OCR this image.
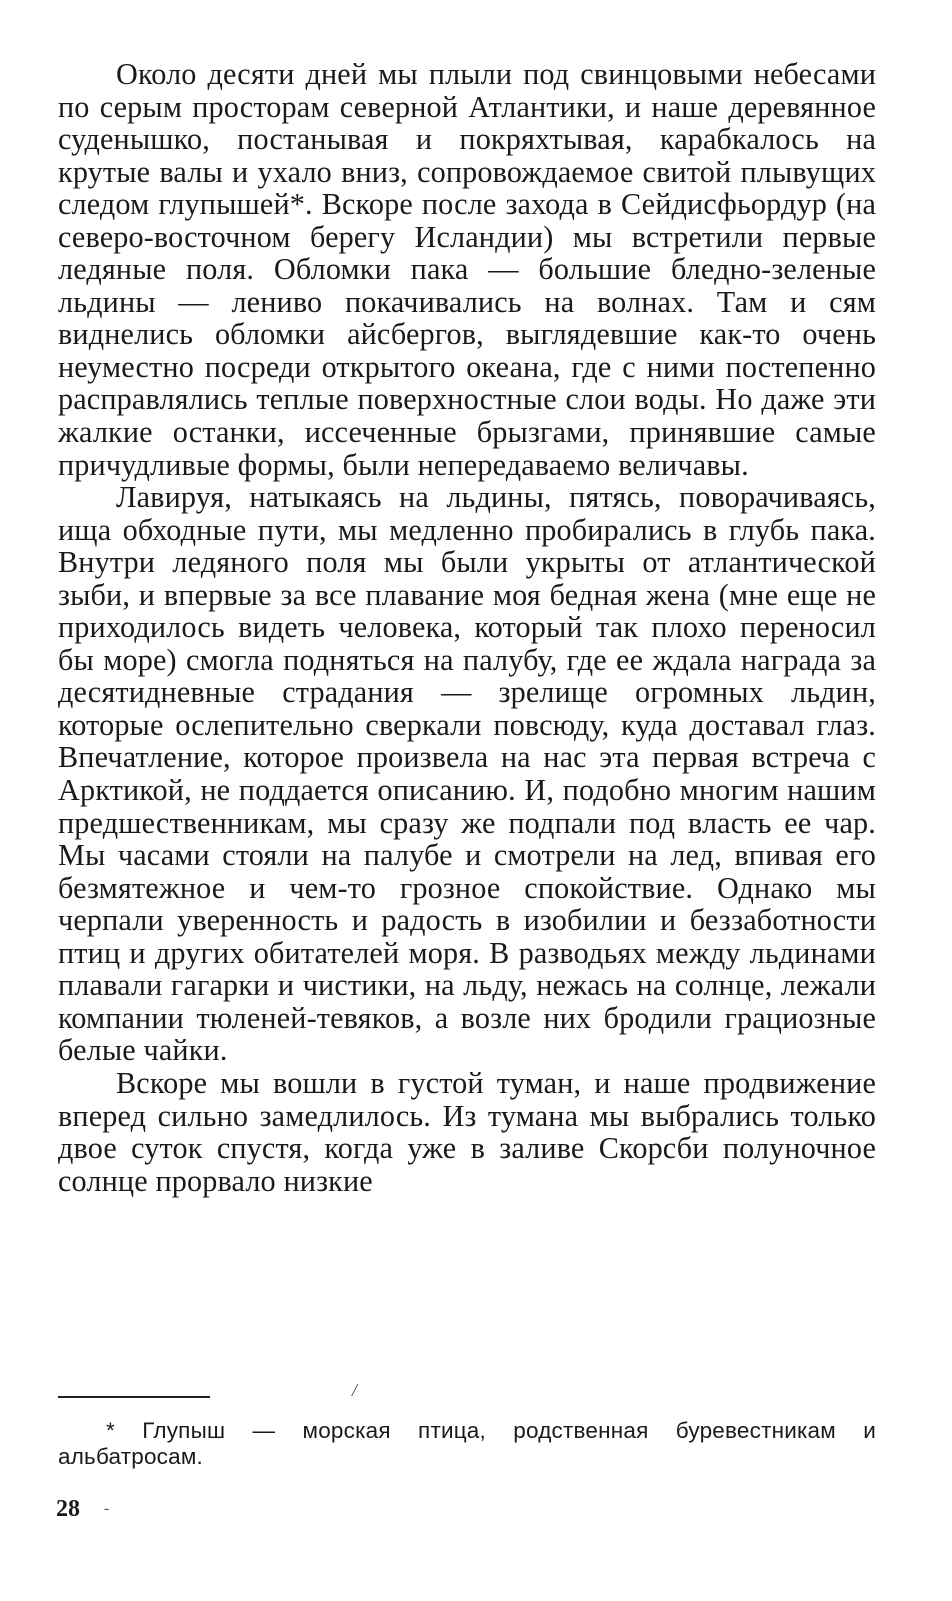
Около десяти дней мы плыли под свинцовыми небесами по серым просторам северной Атлантики, и наше деревянное суденышко, постанывая и покряхтывая, карабкалось на крутые валы и ухало вниз, сопровождаемое свитой плывущих следом глупышей*. Вскоре после захода в Сейдисфьордур (на северо-восточном берегу Исландии) мы встретили первые ледяные поля. Обломки пака — большие бледно-зеленые льдины — лениво покачивались на волнах. Там и сям виднелись обломки айсбергов, выглядевшие как-то очень неуместно посреди открытого океана, где с ними постепенно расправлялись теплые поверхностные слои воды. Но даже эти жалкие останки, иссеченные брызгами, принявшие самые причудливые формы, были непередаваемо величавы.

Лавируя, натыкаясь на льдины, пятясь, поворачиваясь, ища обходные пути, мы медленно пробирались в глубь пака. Внутри ледяного поля мы были укрыты от атлантической зыби, и впервые за все плавание моя бедная жена (мне еще не приходилось видеть человека, который так плохо переносил бы море) смогла подняться на палубу, где ее ждала награда за десятидневные страдания — зрелище огромных льдин, которые ослепительно сверкали повсюду, куда доставал глаз. Впечатление, которое произвела на нас эта первая встреча с Арктикой, не поддается описанию. И, подобно многим нашим предшественникам, мы сразу же подпали под власть ее чар. Мы часами стояли на палубе и смотрели на лед, впивая его безмятежное и чем-то грозное спокойствие. Однако мы черпали уверенность и радость в изобилии и беззаботности птиц и других обитателей моря. В разводьях между льдинами плавали гагарки и чистики, на льду, нежась на солнце, лежали компании тюленей-тевяков, а возле них бродили грациозные белые чайки.

Вскоре мы вошли в густой туман, и наше продвижение вперед сильно замедлилось. Из тумана мы выбрались только двое суток спустя, когда уже в заливе Скорсби полуночное солнце прорвало низкие

/
* Глупыш — морская птица, родственная буревестникам и альбатросам.
28 -
